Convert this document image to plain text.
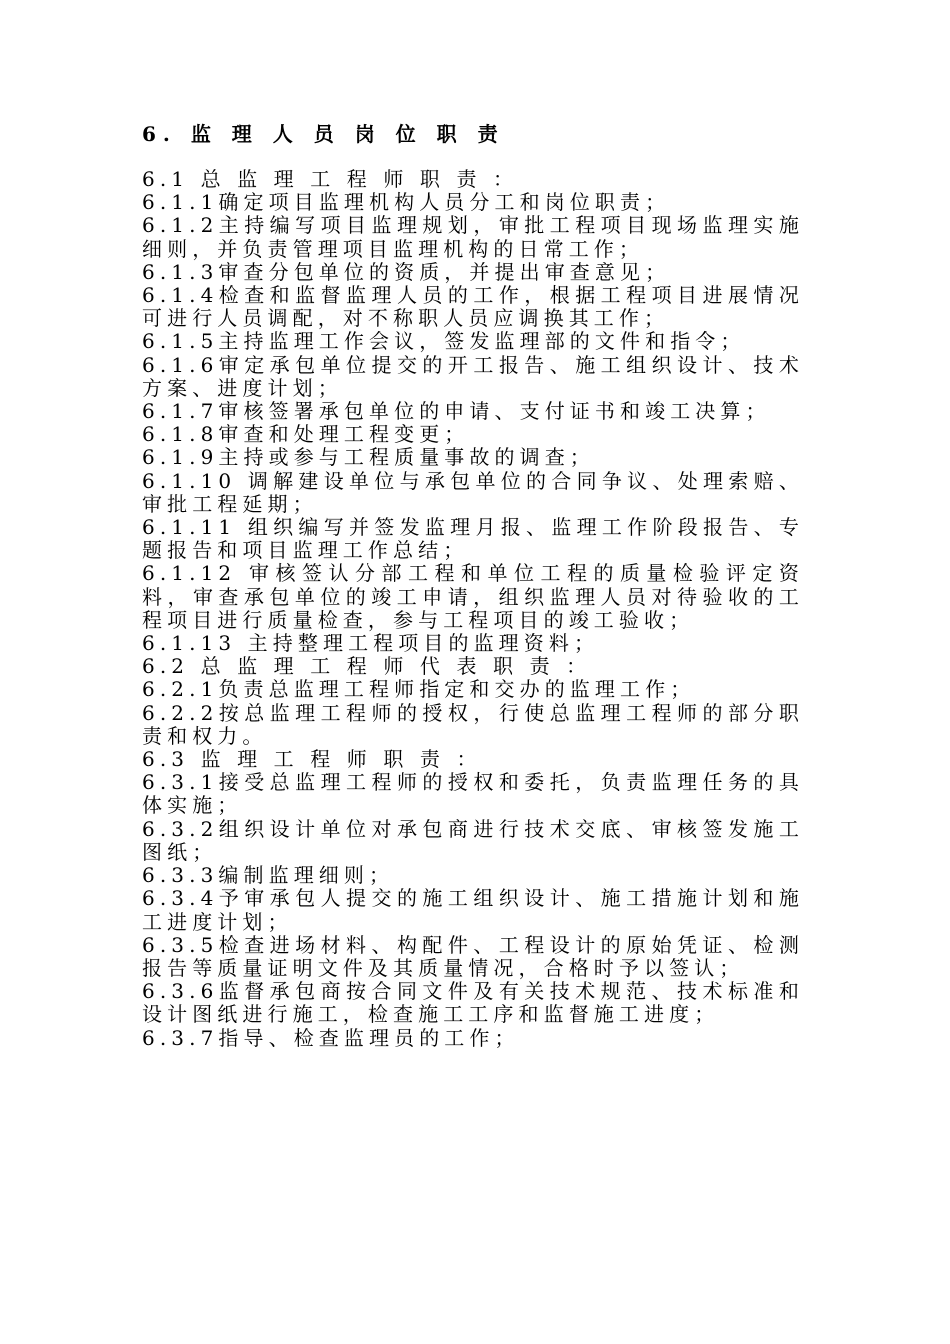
6. 监 理 人 员 岗 位 职 责

6.1 总 监 理 工 程 师 职 责 ：

6.1.1确定项目监理机构人员分工和岗位职责；

6.1.2主持编写项目监理规划，审批工程项目现场监理实施细则，并负责管理项目监理机构的日常工作；

6.1.3审查分包单位的资质，并提出审查意见；

6.1.4检查和监督监理人员的工作，根据工程项目进展情况可进行人员调配，对不称职人员应调换其工作；

6.1.5主持监理工作会议，签发监理部的文件和指令；

6.1.6审定承包单位提交的开工报告、施工组织设计、技术方案、进度计划；

6.1.7审核签署承包单位的申请、支付证书和竣工决算；

6.1.8审查和处理工程变更；

6.1.9主持或参与工程质量事故的调查；

6.1.10 调解建设单位与承包单位的合同争议、处理索赔、审批工程延期；

6.1.11 组织编写并签发监理月报、监理工作阶段报告、专题报告和项目监理工作总结；

6.1.12 审核签认分部工程和单位工程的质量检验评定资料，审查承包单位的竣工申请，组织监理人员对待验收的工程项目进行质量检查，参与工程项目的竣工验收；

6.1.13 主持整理工程项目的监理资料；

6.2 总 监 理 工 程 师 代 表 职 责 ：

6.2.1负责总监理工程师指定和交办的监理工作；

6.2.2按总监理工程师的授权，行使总监理工程师的部分职责和权力。

6.3 监 理 工 程 师 职 责 ：

6.3.1接受总监理工程师的授权和委托，负责监理任务的具体实施；

6.3.2组织设计单位对承包商进行技术交底、审核签发施工图纸；

6.3.3编制监理细则；

6.3.4予审承包人提交的施工组织设计、施工措施计划和施工进度计划；

6.3.5检查进场材料、构配件、工程设计的原始凭证、检测报告等质量证明文件及其质量情况，合格时予以签认；

6.3.6监督承包商按合同文件及有关技术规范、技术标准和设计图纸进行施工，检查施工工序和监督施工进度；

6.3.7指导、检查监理员的工作；
